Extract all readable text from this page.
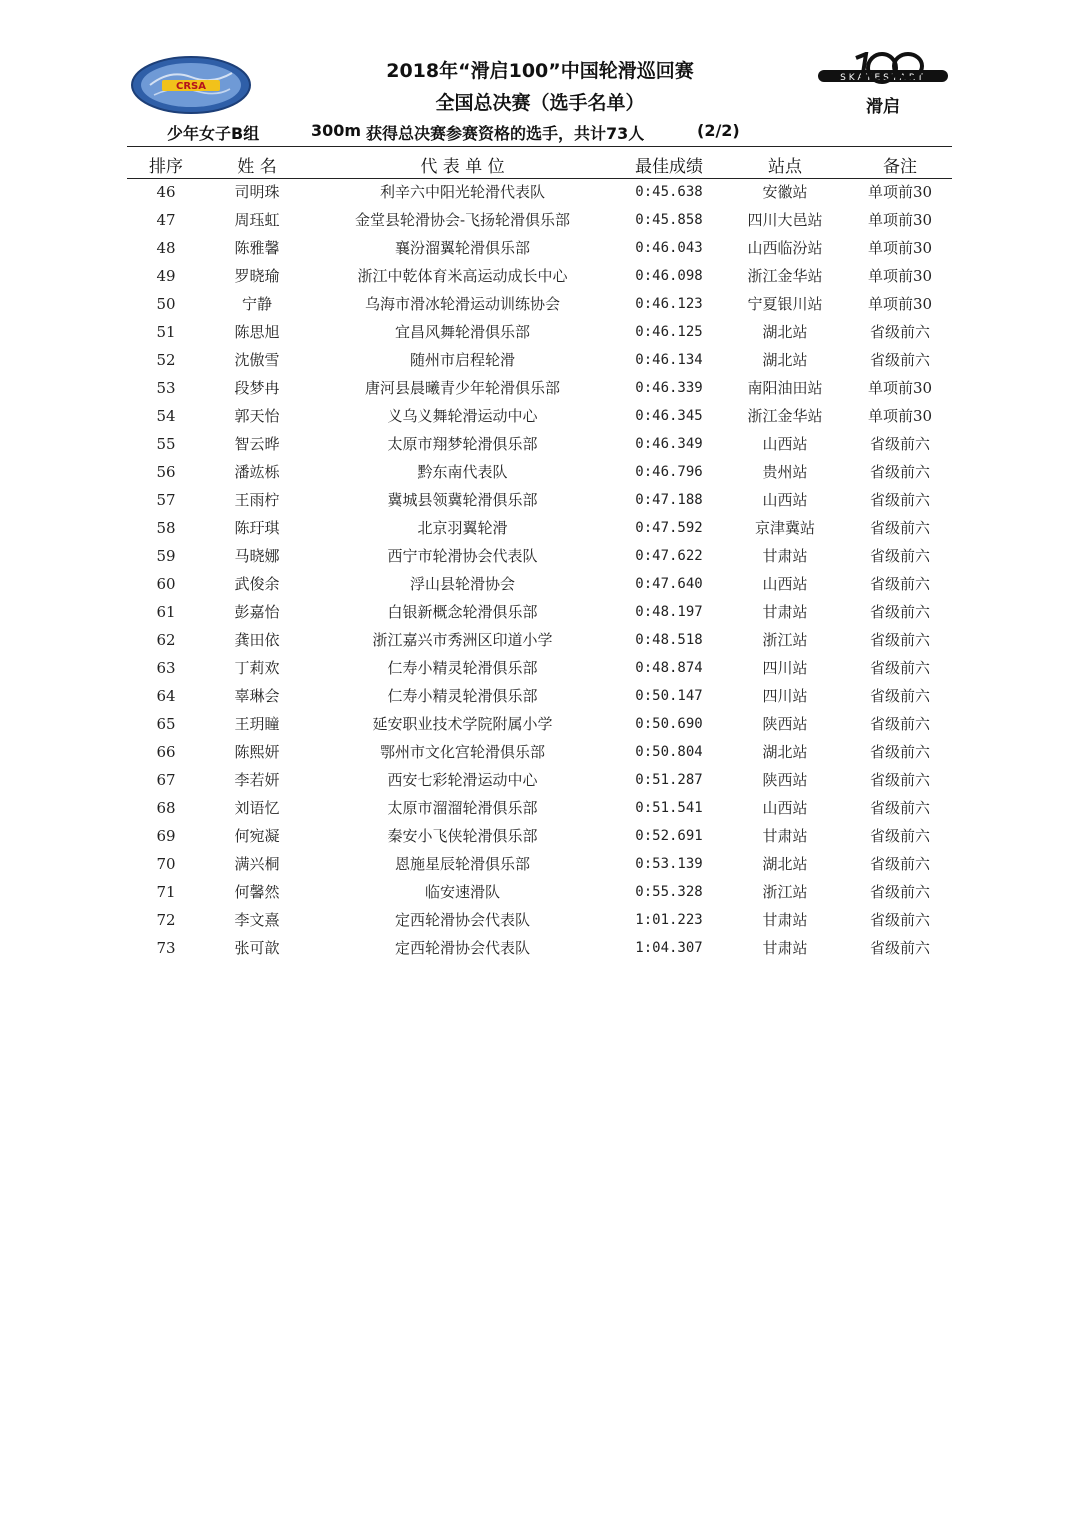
CRSA
SKATESTART
滑启
2018年“滑启100”中国轮滑巡回赛
全国总决赛（选手名单）
少年女子B组	300m 获得总决赛参赛资格的选手，共计73人	(2/2)
排序	姓 名	代 表 单 位	最佳成绩	站点	备注
46	司明珠	利辛六中阳光轮滑代表队	0:45.638	安徽站	单项前30
47	周珏虹	金堂县轮滑协会-飞扬轮滑俱乐部	0:45.858	四川大邑站	单项前30
48	陈雅馨	襄汾溜翼轮滑俱乐部	0:46.043	山西临汾站	单项前30
49	罗晓瑜	浙江中乾体育米高运动成长中心	0:46.098	浙江金华站	单项前30
50	宁静	乌海市滑冰轮滑运动训练协会	0:46.123	宁夏银川站	单项前30
51	陈思旭	宜昌风舞轮滑俱乐部	0:46.125	湖北站	省级前六
52	沈傲雪	随州市启程轮滑	0:46.134	湖北站	省级前六
53	段梦冉	唐河县晨曦青少年轮滑俱乐部	0:46.339	南阳油田站	单项前30
54	郭天怡	义乌义舞轮滑运动中心	0:46.345	浙江金华站	单项前30
55	智云晔	太原市翔梦轮滑俱乐部	0:46.349	山西站	省级前六
56	潘竑栎	黔东南代表队	0:46.796	贵州站	省级前六
57	王雨柠	冀城县领冀轮滑俱乐部	0:47.188	山西站	省级前六
58	陈玗琪	北京羽翼轮滑	0:47.592	京津冀站	省级前六
59	马晓娜	西宁市轮滑协会代表队	0:47.622	甘肃站	省级前六
60	武俊余	浮山县轮滑协会	0:47.640	山西站	省级前六
61	彭嘉怡	白银新概念轮滑俱乐部	0:48.197	甘肃站	省级前六
62	龚田依	浙江嘉兴市秀洲区印道小学	0:48.518	浙江站	省级前六
63	丁莉欢	仁寿小精灵轮滑俱乐部	0:48.874	四川站	省级前六
64	辜琳会	仁寿小精灵轮滑俱乐部	0:50.147	四川站	省级前六
65	王玥瞳	延安职业技术学院附属小学	0:50.690	陕西站	省级前六
66	陈熙妍	鄂州市文化宫轮滑俱乐部	0:50.804	湖北站	省级前六
67	李若妍	西安七彩轮滑运动中心	0:51.287	陕西站	省级前六
68	刘语忆	太原市溜溜轮滑俱乐部	0:51.541	山西站	省级前六
69	何宛凝	秦安小飞侠轮滑俱乐部	0:52.691	甘肃站	省级前六
70	满兴桐	恩施星辰轮滑俱乐部	0:53.139	湖北站	省级前六
71	何馨然	临安速滑队	0:55.328	浙江站	省级前六
72	李文熹	定西轮滑协会代表队	1:01.223	甘肃站	省级前六
73	张可歆	定西轮滑协会代表队	1:04.307	甘肃站	省级前六
